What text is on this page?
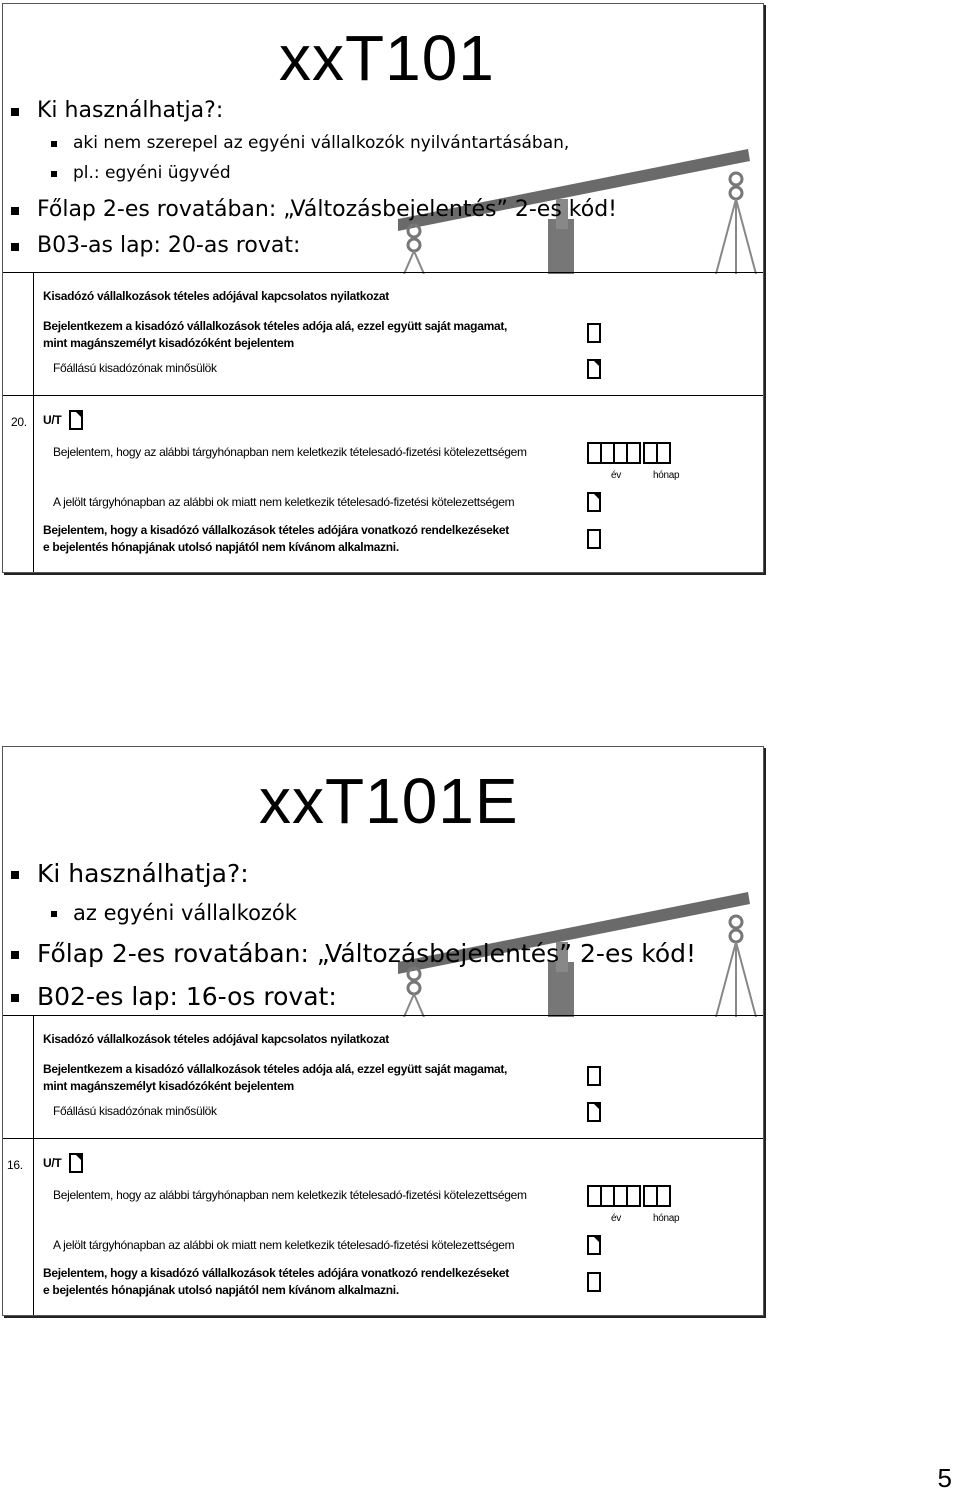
xxT101
Ki használhatja?:
aki nem szerepel az egyéni vállalkozók nyilvántartásában,
pl.: egyéni ügyvéd
Főlap 2-es rovatában: „Változásbejelentés” 2-es kód!
B03-as lap: 20-as rovat:
Kisadózó vállalkozások tételes adójával kapcsolatos nyilatkozat
Bejelentkezem a kisadózó vállalkozások tételes adója alá, ezzel együtt saját magamat,
mint magánszemélyt kisadózóként bejelentem
Főállású kisadózónak minősülök
20. U/T
Bejelentem, hogy az alábbi tárgyhónapban nem keletkezik tételesadó-fizetési kötelezettségem
év	hónap
A jelölt tárgyhónapban az alábbi ok miatt nem keletkezik tételesadó-fizetési kötelezettségem
Bejelentem, hogy a kisadózó vállalkozások tételes adójára vonatkozó rendelkezéseket
e bejelentés hónapjának utolsó napjától nem kívánom alkalmazni.
xxT101E
Ki használhatja?:
az egyéni vállalkozók
Főlap 2-es rovatában: „Változásbejelentés” 2-es kód!
B02-es lap: 16-os rovat:
Kisadózó vállalkozások tételes adójával kapcsolatos nyilatkozat
Bejelentkezem a kisadózó vállalkozások tételes adója alá, ezzel együtt saját magamat,
mint magánszemélyt kisadózóként bejelentem
Főállású kisadózónak minősülök
16. U/T
Bejelentem, hogy az alábbi tárgyhónapban nem keletkezik tételesadó-fizetési kötelezettségem
év	hónap
A jelölt tárgyhónapban az alábbi ok miatt nem keletkezik tételesadó-fizetési kötelezettségem
Bejelentem, hogy a kisadózó vállalkozások tételes adójára vonatkozó rendelkezéseket
e bejelentés hónapjának utolsó napjától nem kívánom alkalmazni.
5
